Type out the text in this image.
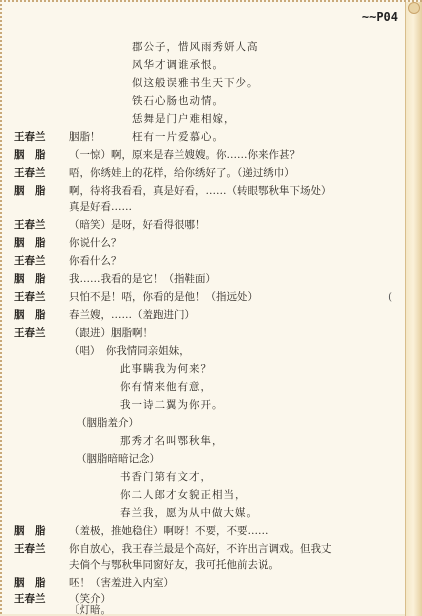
~~P04
郡公子，惜风雨秀妍人高
风华才调谁承恨。
似这般误雅书生天下少。
铁石心肠也动情。
恁舞是门户难相嫁，
枉有一片爱慕心。
王春兰 胭脂！
胭　脂 （一惊）啊，原来是春兰嫂嫂。你……你来作甚？
王春兰 唔，你绣娃上的花样，给你绣好了。（递过绣巾）
胭　脂 啊，待将我看看，真是好看，……（转眼鄂秋隼下场处）
真是好看……
王春兰 （暗笑）是呀，好看得很哪！
胭　脂 你说什么？
王春兰 你看什么？
胭　脂 我……我看的是它！（指鞋面）
王春兰 只怕不是！唔，你看的是他！（指远处）
胭　脂 春兰嫂，……（羞跑进门）
王春兰 （跟进）胭脂啊！
（唱）　你我情同亲姐妹，
此事瞒我为何来？
你有情来他有意，
我一诗二翼为你开。
（胭脂羞介）
那秀才名叫鄂秋隼，
（胭脂暗暗记念）
书香门第有文才，
你二人郎才女貌正相当，
春兰我，愿为从中做大媒。
胭　脂 （羞极，推她稳住）啊呀！不要，不要……
王春兰 你自放心，我王春兰最是个高好，不许出言调戏。但我丈
夫倘个与鄂秋隼同窗好友，我可托他前去说。
胭　脂 呸！（害羞进入内室）
王春兰 （笑介）
〔灯暗。
(
